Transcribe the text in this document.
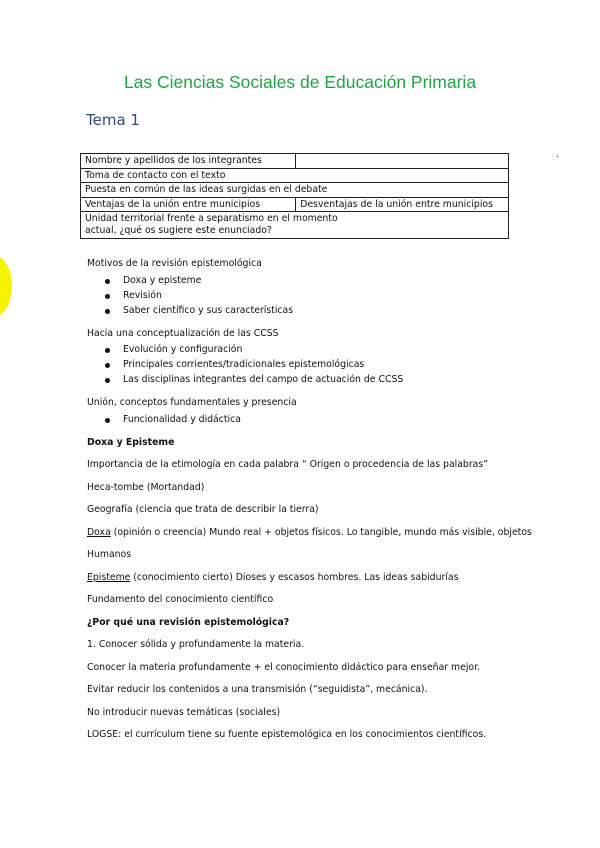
.
Las Ciencias Sociales de Educación Primaria
Tema 1
Nombre y apellidos de los integrantes	
Toma de contacto con el texto	
Puesta en común de las ideas surgidas en el debate	
Ventajas de la unión entre municipios	Desventajas de la unión entre municipios
Unidad territorial frente a separatismo en el momento actual, ¿qué os sugiere este enunciado?	

Motivos de la revisión epistemológica

Doxa y episteme
Revisión
Saber científico y sus características

Hacia una conceptualización de las CCSS

Evolución y configuración
Principales corrientes/tradicionales epistemológicas
Las disciplinas integrantes del campo de actuación de CCSS

Unión, conceptos fundamentales y presencia

Funcionalidad y didáctica

Doxa y Episteme

Importancia de la etimología en cada palabra “ Origen o procedencia de las palabras”

Heca-tombe (Mortandad)

Geografía (ciencia que trata de describir la tierra)

Doxa (opinión o creencia) Mundo real + objetos físicos. Lo tangible, mundo más visible, objetos

Humanos

Episteme (conocimiento cierto) Dioses y escasos hombres. Las ideas sabidurías

Fundamento del conocimiento científico

¿Por qué una revisión epistemológica?

1. Conocer sólida y profundamente la materia.

Conocer la materia profundamente + el conocimiento didáctico para enseñar mejor.

Evitar reducir los contenidos a una transmisión (“seguidista”, mecánica).

No introducir nuevas temáticas (sociales)

LOGSE: el currículum tiene su fuente epistemológica en los conocimientos científicos.
